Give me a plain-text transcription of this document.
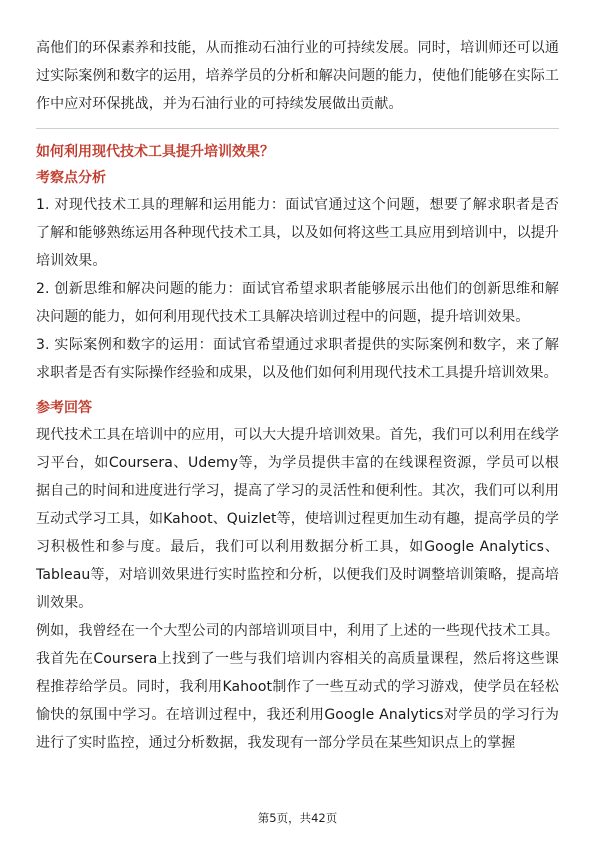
高他们的环保素养和技能，从而推动石油行业的可持续发展。同时，培训师还可以通过实际案例和数字的运用，培养学员的分析和解决问题的能力，使他们能够在实际工作中应对环保挑战，并为石油行业的可持续发展做出贡献。

如何利用现代技术工具提升培训效果？

考察点分析

1. 对现代技术工具的理解和运用能力：面试官通过这个问题，想要了解求职者是否了解和能够熟练运用各种现代技术工具，以及如何将这些工具应用到培训中，以提升培训效果。

2. 创新思维和解决问题的能力：面试官希望求职者能够展示出他们的创新思维和解决问题的能力，如何利用现代技术工具解决培训过程中的问题，提升培训效果。

3. 实际案例和数字的运用：面试官希望通过求职者提供的实际案例和数字，来了解求职者是否有实际操作经验和成果，以及他们如何利用现代技术工具提升培训效果。

参考回答

现代技术工具在培训中的应用，可以大大提升培训效果。首先，我们可以利用在线学习平台，如Coursera、Udemy等，为学员提供丰富的在线课程资源，学员可以根据自己的时间和进度进行学习，提高了学习的灵活性和便利性。其次，我们可以利用互动式学习工具，如Kahoot、Quizlet等，使培训过程更加生动有趣，提高学员的学习积极性和参与度。最后，我们可以利用数据分析工具，如Google Analytics、Tableau等，对培训效果进行实时监控和分析，以便我们及时调整培训策略，提高培训效果。

例如，我曾经在一个大型公司的内部培训项目中，利用了上述的一些现代技术工具。我首先在Coursera上找到了一些与我们培训内容相关的高质量课程，然后将这些课程推荐给学员。同时，我利用Kahoot制作了一些互动式的学习游戏，使学员在轻松愉快的氛围中学习。在培训过程中，我还利用Google Analytics对学员的学习行为进行了实时监控，通过分析数据，我发现有一部分学员在某些知识点上的掌握

第5页，共42页
